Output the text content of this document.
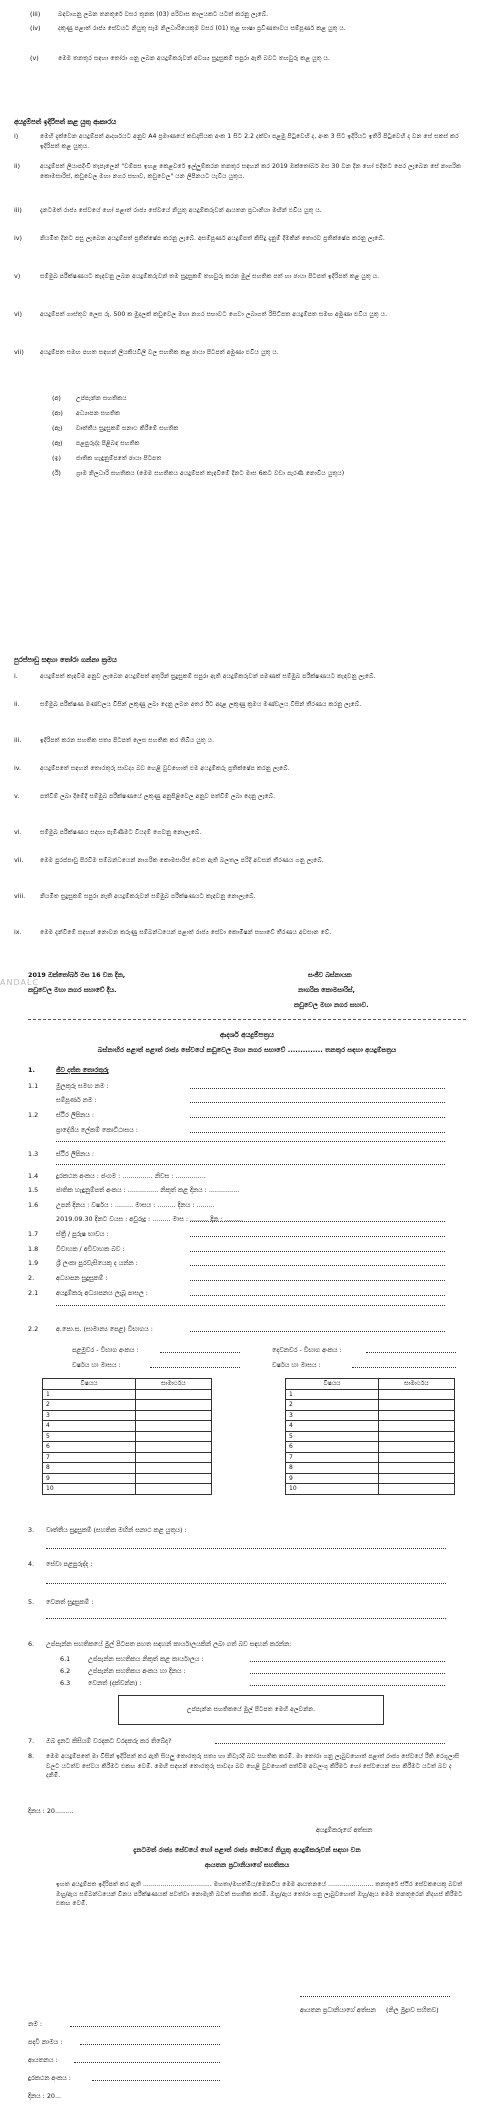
(iii)	බඳවාගනු ලබන තනතුරේ වසර තුනක (03) පරිවාස කාලයකට යටත් කරනු ලැබේ.
(iv)	දකුණු පළාත් රාජ්‍ය සේවයට නියුතු සෑම නිලධාරියෙකුම වසර (01) තුළ භාෂා ප්‍රවීණතාවය සම්පූර්ණ කළ යුතු ය.
(v)	මෙම තනතුර සඳහා තෝරා ගනු ලබන අයදුම්කරුවන් අවශ්‍ය සුදුසුකම් සපුරා ඇති බවට තහවුරු කළ යුතු ය.
අයදුම්පත් ඉදිරිපත් කළ යුතු ආකාරය
i)	මෙහි දැක්වෙන අයදුම්පත් ආදර්ශයට අනුව A4 ප්‍රමාණයේ කඩදාසියක අංක 1 සිට 2.2 දක්වා පළමු පිටුවෙහි ද, අංක 3 සිට ඉදිරියට ඉතිරි පිටුවෙහි ද වන සේ සකස් කර ඉදිරිපත් කළ යුතුය.
ii)	අයදුම්පත් ලියාපදිංචි තැපෑලෙන් "වම්පස ඉහළ කෙළවරේ ඉල්ලුම්කරන තනතුර සඳහන් කර 2019 ඔක්තෝබර් මස 30 වන දින හෝ එදිනට පෙර ලැබෙන සේ නාගරික කොමසාරිස්, කඩුවෙල මහා නගර සභාව, කඩුවෙල" යන ලිපිනයට යැවිය යුතුය.
iii)	දැනටමත් රාජ්‍ය සේවයේ හෝ පළාත් රාජ්‍ය සේවයේ නියුතු අයදුම්කරුවන් ආයතන ප්‍රධානියා මඟින් එවිය යුතු ය.
iv)	නියමිත දිනට පසු ලැබෙන අයදුම්පත් ප්‍රතික්ෂේප කරනු ලැබේ. අසම්පූර්ණ අයදුම්පත් කිසිදු දැනුම් දීමකින් තොරව ප්‍රතික්ෂේප කරනු ලැබේ.
v)	සම්මුඛ පරීක්ෂණයට කැඳවනු ලබන අයදුම්කරුවන් තම සුදුසුකම් තහවුරු කරන මුල් සහතික පත් හා ඡායා පිටපත් ඉදිරිපත් කළ යුතු ය.
vi)	අයදුම්පත් ගාස්තුව ලෙස රු. 500 ක මුදලක් කඩුවෙල මහා නගර සභාවට ගෙවා ලබාගත් රිසිට්පත අයදුම්පත සමඟ අමුණා එවිය යුතු ය.
vii)	අයදුම්පත සමඟ පහත සඳහන් ලියකියවිලි වල සහතික කළ ඡායා පිටපත් අමුණා එවිය යුතු ය.
(අ) උප්පැන්න සහතිකය
(ආ) අධ්‍යාපන සහතික
(ඇ) වෘත්තීය සුදුසුකම් සනාථ කිරීමේ සහතික
(ඈ) පළපුරුද්ද පිළිබඳ සහතික
(ඉ) ජාතික හැඳුනුම්පතේ ඡායා පිටපත
(ඊ) ග්‍රාම නිලධාරි සහතිකය (මෙම සහතිකය අයදුම්පත් කැඳවීමේ දිනට මාස 6කට වඩා පැරණි නොවිය යුතුය)
පුරප්පාඩු සඳහා තෝරා ගන්නා ක්‍රමය
i.	අයදුම්පත් කැඳවීම අනුව ලැබෙන අයදුම්පත් අතුරින් සුදුසුකම් සපුරා ඇති අයදුම්කරුවන් පමණක් සම්මුඛ පරීක්ෂණයට කැඳවනු ලැබේ.
ii.	සම්මුඛ පරීක්ෂණ මණ්ඩලය විසින් ලකුණු ලබා දෙනු ලබන අතර ඊට අදාළ ලකුණු ක්‍රමය මණ්ඩලය විසින් තීරණය කරනු ලැබේ.
iii.	ඉදිරිපත් කරන සහතික සත්‍ය පිටපත් ලෙස සහතික කර තිබිය යුතු ය.
iv.	අයදුම්පතේ සඳහන් තොරතුරු සාවද්‍ය බව හෙළි වුවහොත් එම අයදුම්කරු ප්‍රතික්ෂේප කරනු ලැබේ.
v.	පත්වීම් ලබා දීමේදී සම්මුඛ පරීක්ෂණයේ ලකුණු අනුපිළිවෙල අනුව පත්වීම් ලබා දෙනු ලැබේ.
vi.	සම්මුඛ පරීක්ෂණය සඳහා පැමිණීමට වියදම් ගෙවනු නොලැබේ.
vii.	මෙම පුරප්පාඩු පිරවීම සම්බන්ධයෙන් නාගරික කොමසාරිස් වෙත ඇති බලතල පරිදි අවසන් තීරණය ගනු ලැබේ.
viii. නියමිත සුදුසුකම් සපුරා නැති අයදුම්කරුවන් සම්මුඛ පරීක්ෂණයට කැඳවනු නොලැබේ.
ix.	මෙම දැන්වීමේ සඳහන් නොවන කරුණු සම්බන්ධයෙන් පළාත් රාජ්‍ය සේවා කොමිෂන් සභාවේ තීරණය අවසාන වේ.
2019 ඔක්තෝබර් මස 16 වන දින,
කඩුවෙල මහා නගර සභාවේ දීය.
සංජීව බස්නායක
නාගරික කොමසාරිස්,
කඩුවෙල මහා නගර සභාව.
ANDALC
ආදර්ශ අයදුම්පත්‍රය
බස්නාහිර පළාත් පළාත් රාජ්‍ය සේවයේ කඩුවෙල මහා නගර සභාවේ .............. තනතුර සඳහා අයදුම්පත්‍රය
1.	ජීව දත්ත තොරතුරු
1.1	මුලකුරු සමඟ නම :
සම්පූර්ණ නම :
1.2	ස්ථිර ලිපිනය :
ප්‍රාදේශීය ලේකම් කොට්ඨාසය :
1.3	ස්ථිර ලිපිනය :
1.4	දුරකථන අංකය : ජංගම : ............... නිවස : ...............
1.5	ජාතික හැඳුනුම්පත් අංකය : ............... නිකුත් කළ දිනය : ...............
1.6	උපන් දිනය : වර්ෂය : ......... මාසය : ......... දිනය : .........
2019.09.30 දිනට වයස : අවුරුදු : ......... මාස : ......... දින : .........
1.7	ස්ත්‍රී / පුරුෂ භාවය :
1.8	විවාහක / අවිවාහක බව :
1.9	ශ්‍රී ලංකා පුරවැසියෙකු ද යන්න :
2.	අධ්‍යාපන සුදුසුකම් :
2.1	අයදුම්කරු අධ්‍යාපනය ලැබූ පාසල :
2.2	අ.පො.ස. (සාමාන්‍ය පෙළ) විභාගය :
පළමුවර - විභාග අංකය :
වර්ෂය හා මාසය :
දෙවනවර - විභාග අංකය :
වර්ෂය හා මාසය :
විෂයය	සාමාර්ථය
1	
2	
3	
4	
5	
6	
7	
8	
9	
10	
විෂයය	සාමාර්ථය
1	
2	
3	
4	
5	
6	
7	
8	
9	
10	
3. වෘත්තීය සුදුසුකම් (සහතික මඟින් සනාථ කළ යුතුය) :
4. සේවා පළපුරුද්ද :
5. වෙනත් සුදුසුකම් :
6. උප්පැන්න සහතිකයේ මුල් පිටපත පහත සඳහන් කාර්යාලයකින් ලබා ගත් බව සඳහන් කරන්න:
6.1	උප්පැන්න සහතිකය නිකුත් කළ කාර්යාලය :
6.2	උප්පැන්න සහතිකය අංකය හා දිනය :
6.3	වෙනත් (දක්වන්න) :
උප්පැන්න සහතිකයේ මුල් පිටපත මෙහි අලවන්න.
7. ඔබ දැනට කිසියම් වරදකට වරදකරු කර තිබේද?
8. මෙම අයදුම්පතේ මා විසින් ඉදිරිපත් කර ඇති සියලු තොරතුරු සත්‍ය හා නිවැරදි බව සහතික කරමි. මා තෝරා ගනු ලැබුවහොත් පළාත් රාජ්‍ය සේවයේ රීති රෙගුලාසි වලට යටත්ව සේවය කිරීමට එකඟ වෙමි. මෙහි සඳහන් තොරතුරු සාවද්‍ය බව හෙළි වුවහොත් පත්වීම අවලංගු කිරීමට හෝ සේවයෙන් පහ කිරීමට යටත් බව ද දනිමි.
දිනය : 20.........
අයදුම්කරුගේ අත්සන
දැනටමත් රාජ්‍ය සේවයේ හෝ පළාත් රාජ්‍ය සේවයේ නියුතු අයදුම්කරුවන් සඳහා වන
ආයතන ප්‍රධානියාගේ සහතිකය
ඉහත අයදුම්පත ඉදිරිපත් කර ඇති ................................... මහතා/මහත්මිය/මෙනවිය මෙම ආයතනයේ ....................... තනතුරේ ස්ථිර සේවකයෙකු බවත් ඔහු/ඇය සම්බන්ධයෙන් විනය පරීක්ෂණයක් පවත්වා නොමැති බවත් සහතික කරමි. ඔහු/ඇය තෝරා ගනු ලැබුවහොත් ඔහු/ඇය මෙම තනතුරෙන් නිදහස් කිරීමට එකඟ වෙමි.
ආයතන ප්‍රධානියාගේ අත්සන (නිල මුද්‍රාව සහිතව)
නම :
පදවි නාමය :
ආයතනය :
දුරකථන අංකය :
දිනය : 20...
